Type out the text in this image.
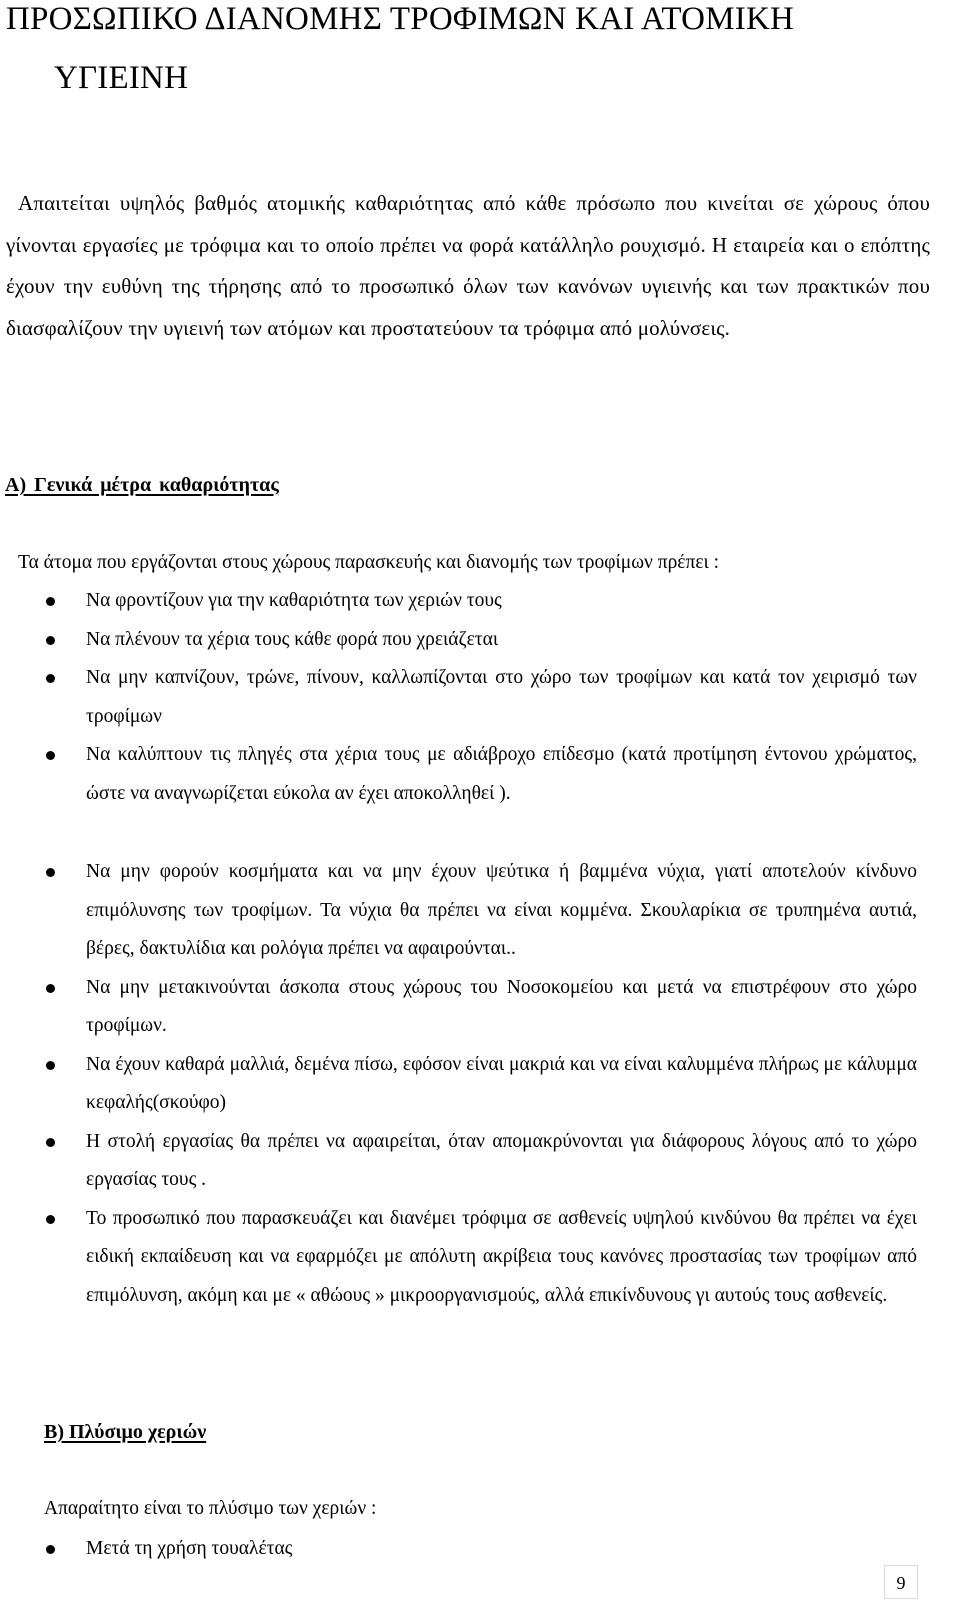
ΠΡΟΣΩΠΙΚΟ ΔΙΑΝΟΜΗΣ ΤΡΟΦΙΜΩΝ ΚΑΙ ΑΤΟΜΙΚΗ
ΥΓΙΕΙΝΗ

Απαιτείται υψηλός βαθμός ατομικής καθαριότητας από κάθε πρόσωπο που κινείται σε χώρους όπου γίνονται εργασίες με τρόφιμα και το οποίο πρέπει να φορά κατάλληλο ρουχισμό. Η εταιρεία και ο επόπτης έχουν την ευθύνη της τήρησης από το προσωπικό όλων των κανόνων υγιεινής και των πρακτικών που διασφαλίζουν την υγιεινή των ατόμων και προστατεύουν τα τρόφιμα από μολύνσεις.

Α) Γενικά μέτρα καθαριότητας

Τα άτομα που εργάζονται στους χώρους παρασκευής και διανομής των τροφίμων πρέπει :

Να φροντίζουν για την καθαριότητα των χεριών τους
Να πλένουν τα χέρια τους κάθε φορά που χρειάζεται
Να μην καπνίζουν, τρώνε, πίνουν, καλλωπίζονται στο χώρο των τροφίμων και κατά τον χειρισμό των τροφίμων
Να καλύπτουν τις πληγές στα χέρια τους με αδιάβροχο επίδεσμο (κατά προτίμηση έντονου χρώματος, ώστε να αναγνωρίζεται εύκολα αν έχει αποκολληθεί ).
Να μην φορούν κοσμήματα και να μην έχουν ψεύτικα ή βαμμένα νύχια, γιατί αποτελούν κίνδυνο επιμόλυνσης των τροφίμων. Τα νύχια θα πρέπει να είναι κομμένα. Σκουλαρίκια σε τρυπημένα αυτιά, βέρες, δακτυλίδια και ρολόγια πρέπει να αφαιρούνται..
Να μην μετακινούνται άσκοπα στους χώρους του Νοσοκομείου και μετά να επιστρέφουν στο χώρο τροφίμων.
Να έχουν καθαρά μαλλιά, δεμένα πίσω, εφόσον είναι μακριά και να είναι καλυμμένα πλήρως με κάλυμμα κεφαλής(σκούφο)
Η στολή εργασίας θα πρέπει να αφαιρείται, όταν απομακρύνονται για διάφορους λόγους από το χώρο εργασίας τους .
Το προσωπικό που παρασκευάζει και διανέμει τρόφιμα σε ασθενείς υψηλού κινδύνου θα πρέπει να έχει ειδική εκπαίδευση και να εφαρμόζει με απόλυτη ακρίβεια τους κανόνες προστασίας των τροφίμων από επιμόλυνση, ακόμη και με « αθώους » μικροοργανισμούς, αλλά επικίνδυνους γι αυτούς τους ασθενείς.
Β) Πλύσιμο χεριών

Απαραίτητο είναι το πλύσιμο των χεριών :

Μετά τη χρήση τουαλέτας
9
